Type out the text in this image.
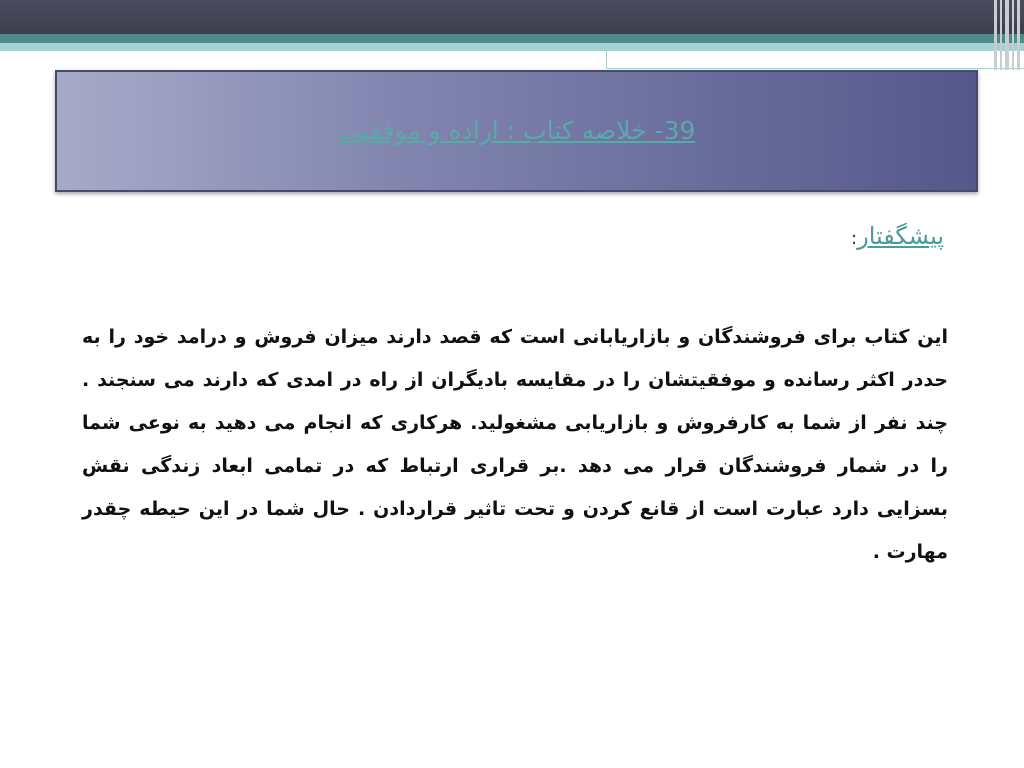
39- خلاصه کتاب : اراده و موفقیت
پیشگفتار:
این کتاب برای فروشندگان و بازاریابانی است که قصد دارند میزان فروش و درامد خود را به حددر اکثر رسانده و موفقیتشان را در مقایسه بادیگران از راه در امدی که دارند می سنجند . چند نفر از شما به کارفروش و بازاریابی مشغولید. هرکاری که انجام می دهید به نوعی شما را در شمار فروشندگان قرار می دهد .بر قراری ارتباط که در تمامی ابعاد زندگی نقش بسزایی دارد عبارت است از قانع کردن و تحت تاثیر قراردادن . حال شما در این حیطه چقدر مهارت .
